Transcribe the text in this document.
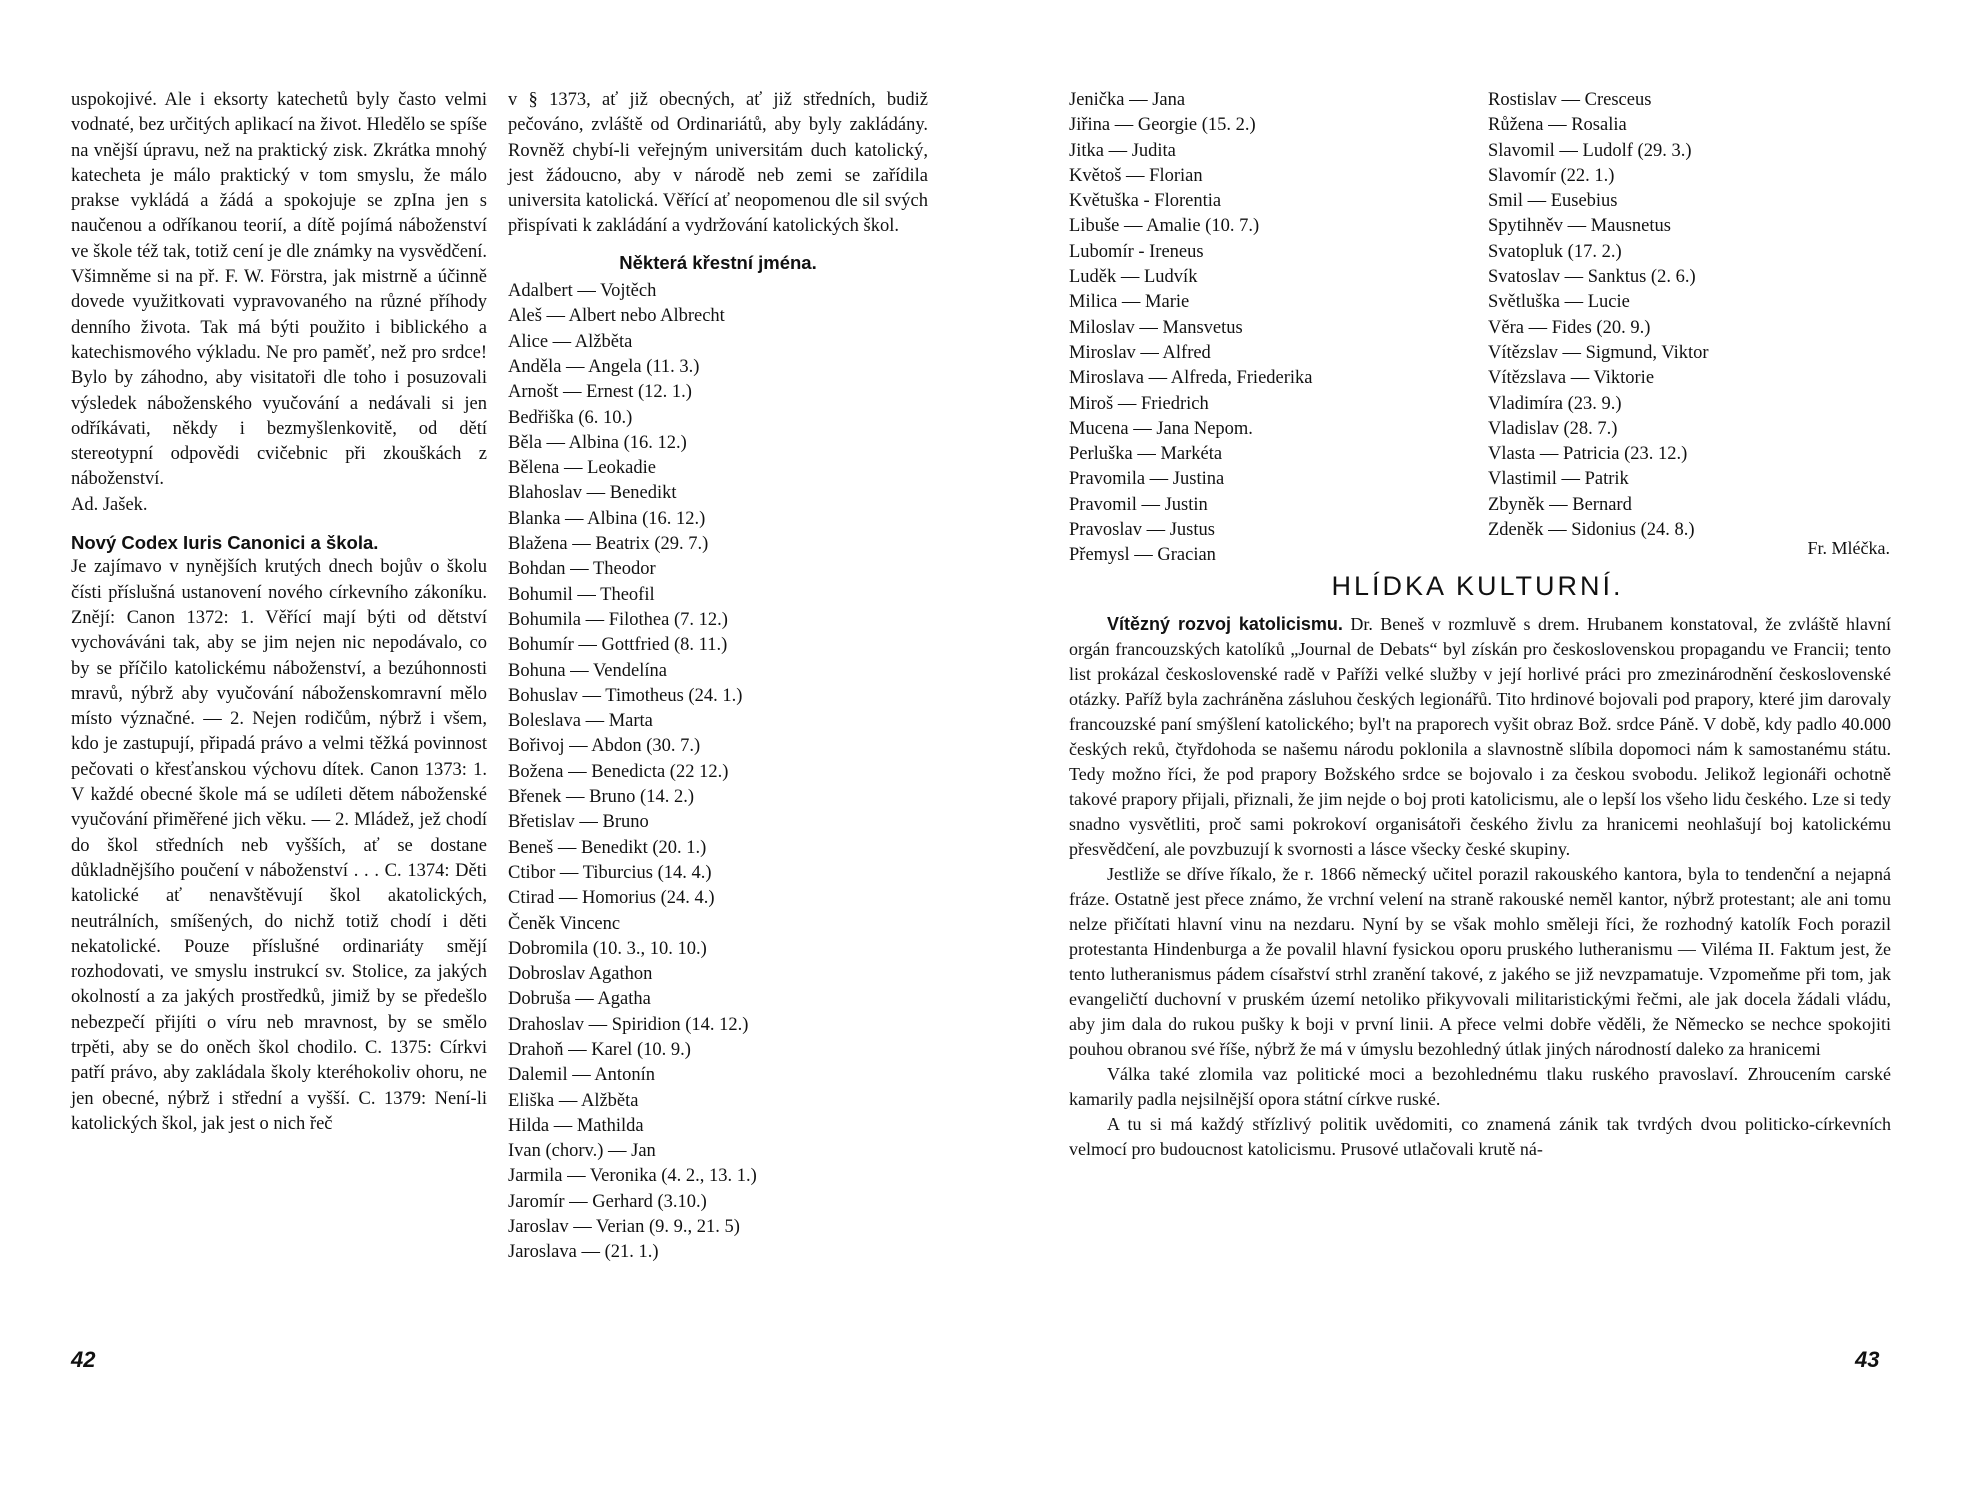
uspokojivé. Ale i eksorty katechetů byly často velmi vodnaté, bez určitých aplikací na život. Hledělo se spíše na vnější úpravu, než na praktický zisk. Zkrátka mnohý katecheta je málo praktický v tom smyslu, že málo prakse vykládá a žádá a spokojuje se zpIna jen s naučenou a odříkanou teorií, a dítě pojímá náboženství ve škole též tak, totiž cení je dle známky na vysvědčení. Všimněme si na př. F. W. Förstra, jak mistrně a účinně dovede využitkovati vypravovaného na různé příhody denního života. Tak má býti použito i biblického a katechismového výkladu. Ne pro paměť, než pro srdce! Bylo by záhodno, aby visitatoři dle toho i posuzovali výsledek náboženského vyučování a nedávali si jen odříkávati, někdy i bezmyšlenkovitě, od dětí stereotypní odpovědi cvičebnic při zkouškách z náboženství.

Ad. Jašek.

Nový Codex Iuris Canonici a škola.

Je zajímavo v nynějších krutých dnech bojův o školu čísti příslušná ustanovení nového církevního zákoníku. Znějí: Canon 1372: 1. Věřící mají býti od dětství vychováváni tak, aby se jim nejen nic nepodávalo, co by se příčilo katolickému náboženství, a bezúhonnosti mravů, nýbrž aby vyučování náboženskomravní mělo místo význačné. — 2. Nejen rodičům, nýbrž i všem, kdo je zastupují, připadá právo a velmi těžká povinnost pečovati o křesťanskou výchovu dítek. Canon 1373: 1. V každé obecné škole má se udíleti dětem náboženské vyučování přiměřené jich věku. — 2. Mládež, jež chodí do škol středních neb vyšších, ať se dostane důkladnějšího poučení v náboženství . . . C. 1374: Děti katolické ať nenavštěvují škol akatolických, neutrálních, smíšených, do nichž totiž chodí i děti nekatolické. Pouze příslušné ordinariáty smějí rozhodovati, ve smyslu instrukcí sv. Stolice, za jakých okolností a za jakých prostředků, jimiž by se předešlo nebezpečí přijíti o víru neb mravnost, by se smělo trpěti, aby se do oněch škol chodilo. C. 1375: Církvi patří právo, aby zakládala školy kteréhokoliv ohoru, ne jen obecné, nýbrž i střední a vyšší. C. 1379: Není-li katolických škol, jak jest o nich řeč

v § 1373, ať již obecných, ať již středních, budiž pečováno, zvláště od Ordinariátů, aby byly zakládány. Rovněž chybí-li veřejným universitám duch katolický, jest žádoucno, aby v národě neb zemi se zařídila universita katolická. Věřící ať neopomenou dle sil svých přispívati k zakládání a vydržování katolických škol.

Některá křestní jména.
Adalbert — Vojtěch
Aleš — Albert nebo Albrecht
Alice — Alžběta
Anděla — Angela (11. 3.)
Arnošt — Ernest (12. 1.)
Bedřiška (6. 10.)
Běla — Albina (16. 12.)
Bělena — Leokadie
Blahoslav — Benedikt
Blanka — Albina (16. 12.)
Blažena — Beatrix (29. 7.)
Bohdan — Theodor
Bohumil — Theofil
Bohumila — Filothea (7. 12.)
Bohumír — Gottfried (8. 11.)
Bohuna — Vendelína
Bohuslav — Timotheus (24. 1.)
Boleslava — Marta
Bořivoj — Abdon (30. 7.)
Božena — Benedicta (22 12.)
Břenek — Bruno (14. 2.)
Břetislav — Bruno
Beneš — Benedikt (20. 1.)
Ctibor — Tiburcius (14. 4.)
Ctirad — Homorius (24. 4.)
Čeněk Vincenc
Dobromila (10. 3., 10. 10.)
Dobroslav Agathon
Dobruša — Agatha
Drahoslav — Spiridion (14. 12.)
Drahoň — Karel (10. 9.)
Dalemil — Antonín
Eliška — Alžběta
Hilda — Mathilda
Ivan (chorv.) — Jan
Jarmila — Veronika (4. 2., 13. 1.)
Jaromír — Gerhard (3.10.)
Jaroslav — Verian (9. 9., 21. 5)
Jaroslava — (21. 1.)
42
Jenička — Jana
Jiřina — Georgie (15. 2.)
Jitka — Judita
Květoš — Florian
Květuška - Florentia
Libuše — Amalie (10. 7.)
Lubomír - Ireneus
Luděk — Ludvík
Milica — Marie
Miloslav — Mansvetus
Miroslav — Alfred
Miroslava — Alfreda, Friederika
Miroš — Friedrich
Mucena — Jana Nepom.
Perluška — Markéta
Pravomila — Justina
Pravomil — Justin
Pravoslav — Justus
Přemysl — Gracian
Rostislav — Cresceus
Růžena — Rosalia
Slavomil — Ludolf (29. 3.)
Slavomír (22. 1.)
Smil — Eusebius
Spytihněv — Mausnetus
Svatopluk (17. 2.)
Svatoslav — Sanktus (2. 6.)
Světluška — Lucie
Věra — Fides (20. 9.)
Vítězslav — Sigmund, Viktor
Vítězslava — Viktorie
Vladimíra (23. 9.)
Vladislav (28. 7.)
Vlasta — Patricia (23. 12.)
Vlastimil — Patrik
Zbyněk — Bernard
Zdeněk — Sidonius (24. 8.)
Fr. Mléčka.
HLÍDKA KULTURNÍ.

Vítězný rozvoj katolicismu. Dr. Beneš v rozmluvě s drem. Hrubanem konstatoval, že zvláště hlavní orgán francouzských katolíků „Journal de Debats“ byl získán pro československou propagandu ve Francii; tento list prokázal československé radě v Paříži velké služby v její horlivé práci pro zmezinárodnění československé otázky. Paříž byla zachráněna zásluhou českých legionářů. Tito hrdinové bojovali pod prapory, které jim darovaly francouzské paní smýšlení katolického; byl't na praporech vyšit obraz Bož. srdce Páně. V době, kdy padlo 40.000 českých reků, čtyřdohoda se našemu národu poklonila a slavnostně slíbila dopomoci nám k samostanému státu. Tedy možno říci, že pod prapory Božského srdce se bojovalo i za českou svobodu. Jelikož legionáři ochotně takové prapory přijali, přiznali, že jim nejde o boj proti katolicismu, ale o lepší los všeho lidu českého. Lze si tedy snadno vysvětliti, proč sami pokrokoví organisátoři českého živlu za hranicemi neohlašují boj katolickému přesvědčení, ale povzbuzují k svornosti a lásce všecky české skupiny.

Jestliže se dříve říkalo, že r. 1866 německý učitel porazil rakouského kantora, byla to tendenční a nejapná fráze. Ostatně jest přece známo, že vrchní velení na straně rakouské neměl kantor, nýbrž protestant; ale ani tomu nelze přičítati hlavní vinu na nezdaru. Nyní by se však mohlo směleji říci, že rozhodný katolík Foch porazil protestanta Hindenburga a že povalil hlavní fysickou oporu pruského lutheranismu — Viléma II. Faktum jest, že tento lutheranismus pádem císařství strhl zranění takové, z jakého se již nevzpamatuje. Vzpomeňme při tom, jak evangeličtí duchovní v pruském území netoliko přikyvovali militaristickými řečmi, ale jak docela žádali vládu, aby jim dala do rukou pušky k boji v první linii. A přece velmi dobře věděli, že Německo se nechce spokojiti pouhou obranou své říše, nýbrž že má v úmyslu bezohledný útlak jiných národností daleko za hranicemi

Válka také zlomila vaz politické moci a bezohlednému tlaku ruského pravoslaví. Zhroucením carské kamarily padla nejsilnější opora státní církve ruské.

A tu si má každý střízlivý politik uvědomiti, co znamená zánik tak tvrdých dvou politicko-církevních velmocí pro budoucnost katolicismu. Prusové utlačovali krutě ná-

43
